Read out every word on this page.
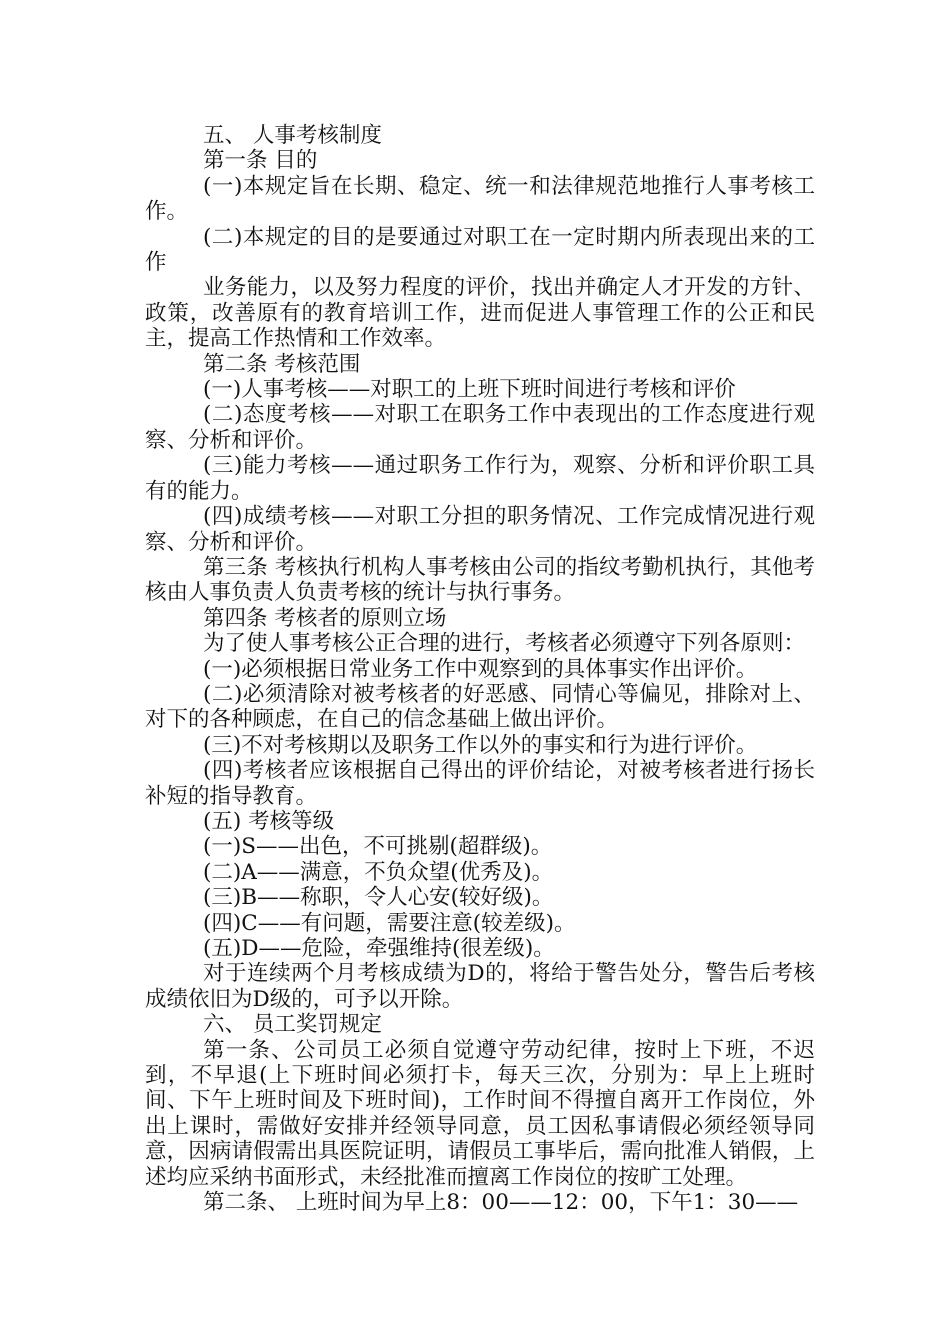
五、 人事考核制度

第一条 目的

(一)本规定旨在长期、稳定、统一和法律规范地推行人事考核工作。

(二)本规定的目的是要通过对职工在一定时期内所表现出来的工作

业务能力，以及努力程度的评价，找出并确定人才开发的方针、政策，改善原有的教育培训工作，进而促进人事管理工作的公正和民主，提高工作热情和工作效率。

第二条 考核范围

(一)人事考核——对职工的上班下班时间进行考核和评价

(二)态度考核——对职工在职务工作中表现出的工作态度进行观察、分析和评价。

(三)能力考核——通过职务工作行为，观察、分析和评价职工具有的能力。

(四)成绩考核——对职工分担的职务情况、工作完成情况进行观察、分析和评价。

第三条 考核执行机构人事考核由公司的指纹考勤机执行，其他考核由人事负责人负责考核的统计与执行事务。

第四条 考核者的原则立场

为了使人事考核公正合理的进行，考核者必须遵守下列各原则：

(一)必须根据日常业务工作中观察到的具体事实作出评价。

(二)必须清除对被考核者的好恶感、同情心等偏见，排除对上、对下的各种顾虑，在自己的信念基础上做出评价。

(三)不对考核期以及职务工作以外的事实和行为进行评价。

(四)考核者应该根据自己得出的评价结论，对被考核者进行扬长补短的指导教育。

(五) 考核等级

(一)S——出色，不可挑剔(超群级)。

(二)A——满意，不负众望(优秀及)。

(三)B——称职，令人心安(较好级)。

(四)C——有问题，需要注意(较差级)。

(五)D——危险，牵强维持(很差级)。

对于连续两个月考核成绩为D的，将给于警告处分，警告后考核成绩依旧为D级的，可予以开除。

六、 员工奖罚规定

第一条、公司员工必须自觉遵守劳动纪律，按时上下班，不迟到，不早退(上下班时间必须打卡，每天三次，分别为：早上上班时间、下午上班时间及下班时间)，工作时间不得擅自离开工作岗位，外出上课时，需做好安排并经领导同意，员工因私事请假必须经领导同意，因病请假需出具医院证明，请假员工事毕后，需向批准人销假，上述均应采纳书面形式，未经批准而擅离工作岗位的按旷工处理。

第二条、 上班时间为早上8：00——12：00，下午1：30——
